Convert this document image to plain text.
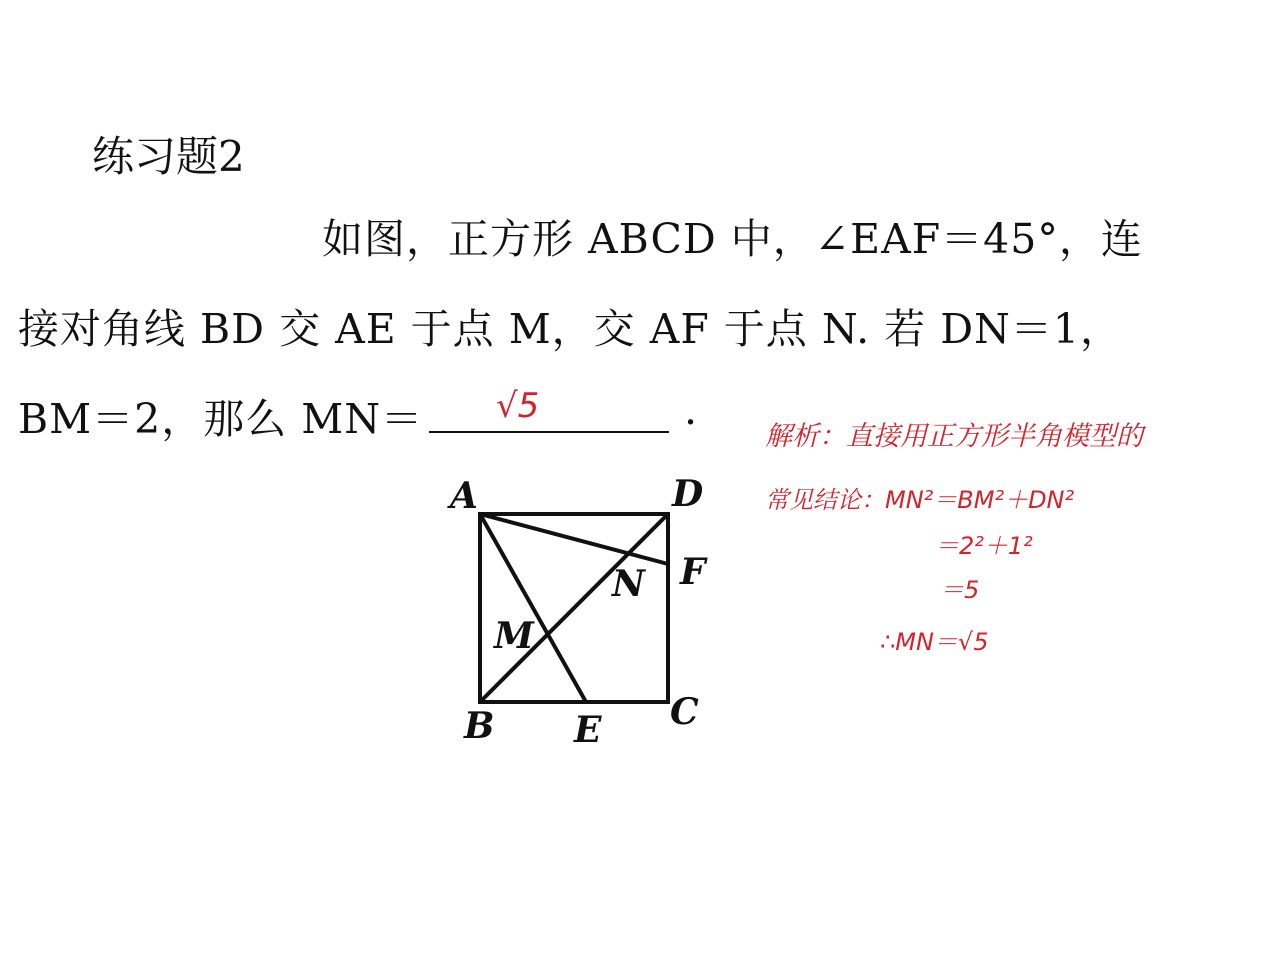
练习题2
如图，正方形 ABCD 中，∠EAF＝45°，连
接对角线 BD 交 AE 于点 M，交 AF 于点 N. 若 DN＝1，
BM＝2，那么 MN＝	√5	.
A	D
F
N
M
B E C
解析：直接用正方形半角模型的
常见结论：MN²＝BM²＋DN²
＝2²＋1²
＝5
∴MN＝√5
